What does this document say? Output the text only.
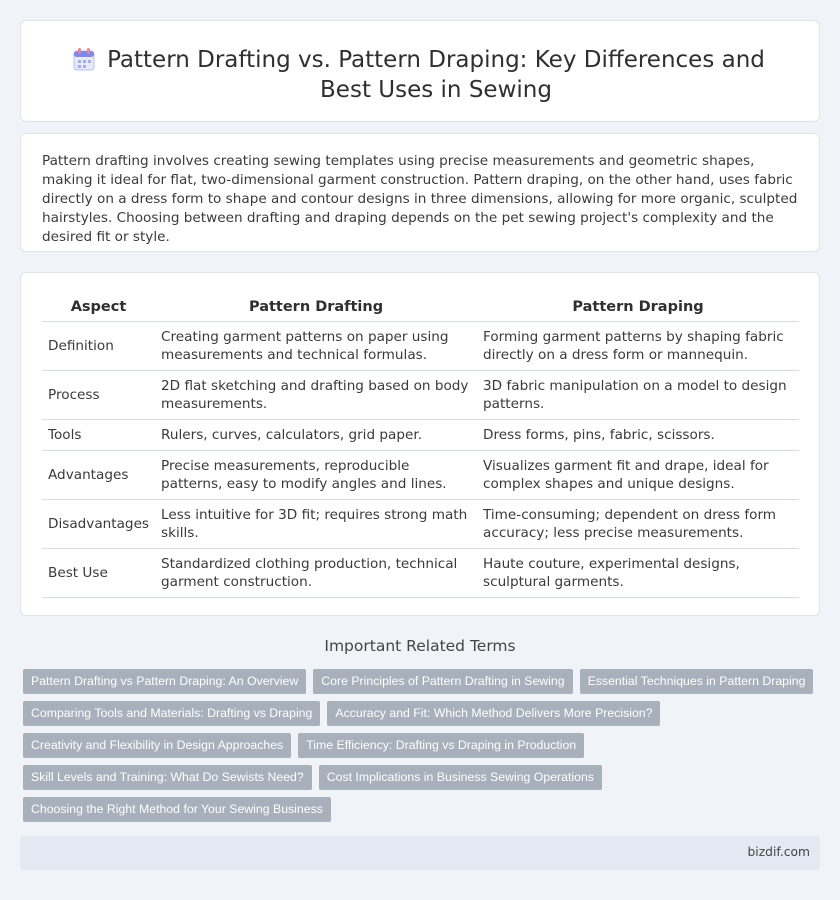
Pattern Drafting vs. Pattern Draping: Key Differences and Best Uses in Sewing

Pattern drafting involves creating sewing templates using precise measurements and geometric shapes, making it ideal for flat, two-dimensional garment construction. Pattern draping, on the other hand, uses fabric directly on a dress form to shape and contour designs in three dimensions, allowing for more organic, sculpted hairstyles. Choosing between drafting and draping depends on the pet sewing project's complexity and the desired fit or style.

Aspect	Pattern Drafting	Pattern Draping
Definition	Creating garment patterns on paper using measurements and technical formulas.	Forming garment patterns by shaping fabric directly on a dress form or mannequin.
Process	2D flat sketching and drafting based on body measurements.	3D fabric manipulation on a model to design patterns.
Tools	Rulers, curves, calculators, grid paper.	Dress forms, pins, fabric, scissors.
Advantages	Precise measurements, reproducible patterns, easy to modify angles and lines.	Visualizes garment fit and drape, ideal for complex shapes and unique designs.
Disadvantages	Less intuitive for 3D fit; requires strong math skills.	Time-consuming; dependent on dress form accuracy; less precise measurements.
Best Use	Standardized clothing production, technical garment construction.	Haute couture, experimental designs, sculptural garments.
Important Related Terms
Pattern Drafting vs Pattern Draping: An Overview	Core Principles of Pattern Drafting in Sewing	Essential Techniques in Pattern Draping
Comparing Tools and Materials: Drafting vs Draping	Accuracy and Fit: Which Method Delivers More Precision?
Creativity and Flexibility in Design Approaches	Time Efficiency: Drafting vs Draping in Production
Skill Levels and Training: What Do Sewists Need?	Cost Implications in Business Sewing Operations
Choosing the Right Method for Your Sewing Business
bizdif.com
